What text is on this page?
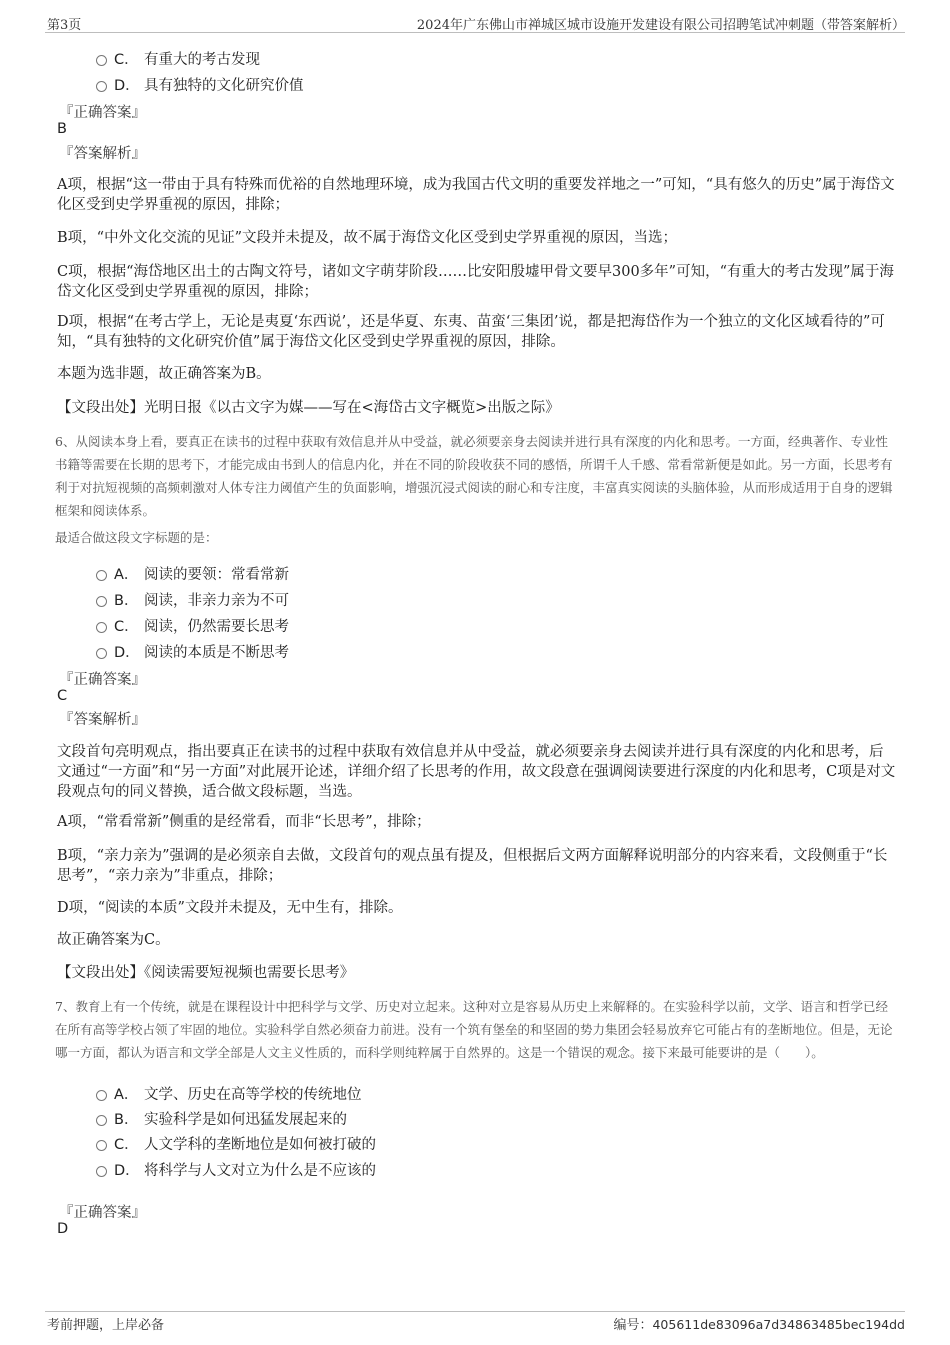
第3页	2024年广东佛山市禅城区城市设施开发建设有限公司招聘笔试冲刺题（带答案解析）
C． 有重大的考古发现
D． 具有独特的文化研究价值
『正确答案』
B
『答案解析』
A项，根据“这一带由于具有特殊而优裕的自然地理环境，成为我国古代文明的重要发祥地之一”可知，“具有悠久的历史”属于海岱文化区受到史学界重视的原因，排除；
B项，“中外文化交流的见证”文段并未提及，故不属于海岱文化区受到史学界重视的原因，当选；
C项，根据“海岱地区出土的古陶文符号，诸如文字萌芽阶段……比安阳殷墟甲骨文要早300多年”可知，“有重大的考古发现”属于海岱文化区受到史学界重视的原因，排除；
D项，根据“在考古学上，无论是夷夏‘东西说’，还是华夏、东夷、苗蛮‘三集团’说，都是把海岱作为一个独立的文化区域看待的”可知，“具有独特的文化研究价值”属于海岱文化区受到史学界重视的原因，排除。
本题为选非题，故正确答案为B。
【文段出处】光明日报《以古文字为媒——写在<海岱古文字概览>出版之际》
6、从阅读本身上看，要真正在读书的过程中获取有效信息并从中受益，就必须要亲身去阅读并进行具有深度的内化和思考。一方面，经典著作、专业性书籍等需要在长期的思考下，才能完成由书到人的信息内化，并在不同的阶段收获不同的感悟，所谓千人千感、常看常新便是如此。另一方面，长思考有利于对抗短视频的高频刺激对人体专注力阈值产生的负面影响，增强沉浸式阅读的耐心和专注度，丰富真实阅读的头脑体验，从而形成适用于自身的逻辑框架和阅读体系。
最适合做这段文字标题的是：
A． 阅读的要领：常看常新
B． 阅读，非亲力亲为不可
C． 阅读，仍然需要长思考
D． 阅读的本质是不断思考
『正确答案』
C
『答案解析』
文段首句亮明观点，指出要真正在读书的过程中获取有效信息并从中受益，就必须要亲身去阅读并进行具有深度的内化和思考，后文通过“一方面”和“另一方面”对此展开论述，详细介绍了长思考的作用，故文段意在强调阅读要进行深度的内化和思考，C项是对文段观点句的同义替换，适合做文段标题，当选。
A项，“常看常新”侧重的是经常看，而非“长思考”，排除；
B项，“亲力亲为”强调的是必须亲自去做，文段首句的观点虽有提及，但根据后文两方面解释说明部分的内容来看，文段侧重于“长思考”，“亲力亲为”非重点，排除；
D项，“阅读的本质”文段并未提及，无中生有，排除。
故正确答案为C。
【文段出处】《阅读需要短视频也需要长思考》
7、教育上有一个传统，就是在课程设计中把科学与文学、历史对立起来。这种对立是容易从历史上来解释的。在实验科学以前，文学、语言和哲学已经在所有高等学校占领了牢固的地位。实验科学自然必须奋力前进。没有一个筑有堡垒的和坚固的势力集团会轻易放弃它可能占有的垄断地位。但是，无论哪一方面，都认为语言和文学全部是人文主义性质的，而科学则纯粹属于自然界的。这是一个错误的观念。接下来最可能要讲的是（　　）。
A． 文学、历史在高等学校的传统地位
B． 实验科学是如何迅猛发展起来的
C． 人文学科的垄断地位是如何被打破的
D． 将科学与人文对立为什么是不应该的
『正确答案』
D
考前押题，上岸必备	编号：405611de83096a7d34863485bec194dd
